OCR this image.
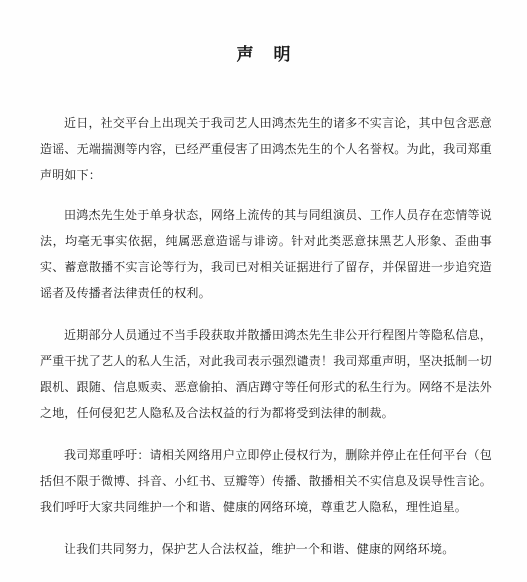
声明

近日，社交平台上出现关于我司艺人田鸿杰先生的诸多不实言论，其中包含恶意造谣、无端揣测等内容，已经严重侵害了田鸿杰先生的个人名誉权。为此，我司郑重声明如下：

田鸿杰先生处于单身状态，网络上流传的其与同组演员、工作人员存在恋情等说法，均毫无事实依据，纯属恶意造谣与诽谤。针对此类恶意抹黑艺人形象、歪曲事实、蓄意散播不实言论等行为，我司已对相关证据进行了留存，并保留进一步追究造谣者及传播者法律责任的权利。

近期部分人员通过不当手段获取并散播田鸿杰先生非公开行程图片等隐私信息，严重干扰了艺人的私人生活，对此我司表示强烈谴责！我司郑重声明，坚决抵制一切跟机、跟随、信息贩卖、恶意偷拍、酒店蹲守等任何形式的私生行为。网络不是法外之地，任何侵犯艺人隐私及合法权益的行为都将受到法律的制裁。

我司郑重呼吁：请相关网络用户立即停止侵权行为，删除并停止在任何平台（包括但不限于微博、抖音、小红书、豆瓣等）传播、散播相关不实信息及误导性言论。我们呼吁大家共同维护一个和谐、健康的网络环境，尊重艺人隐私，理性追星。

让我们共同努力，保护艺人合法权益，维护一个和谐、健康的网络环境。
